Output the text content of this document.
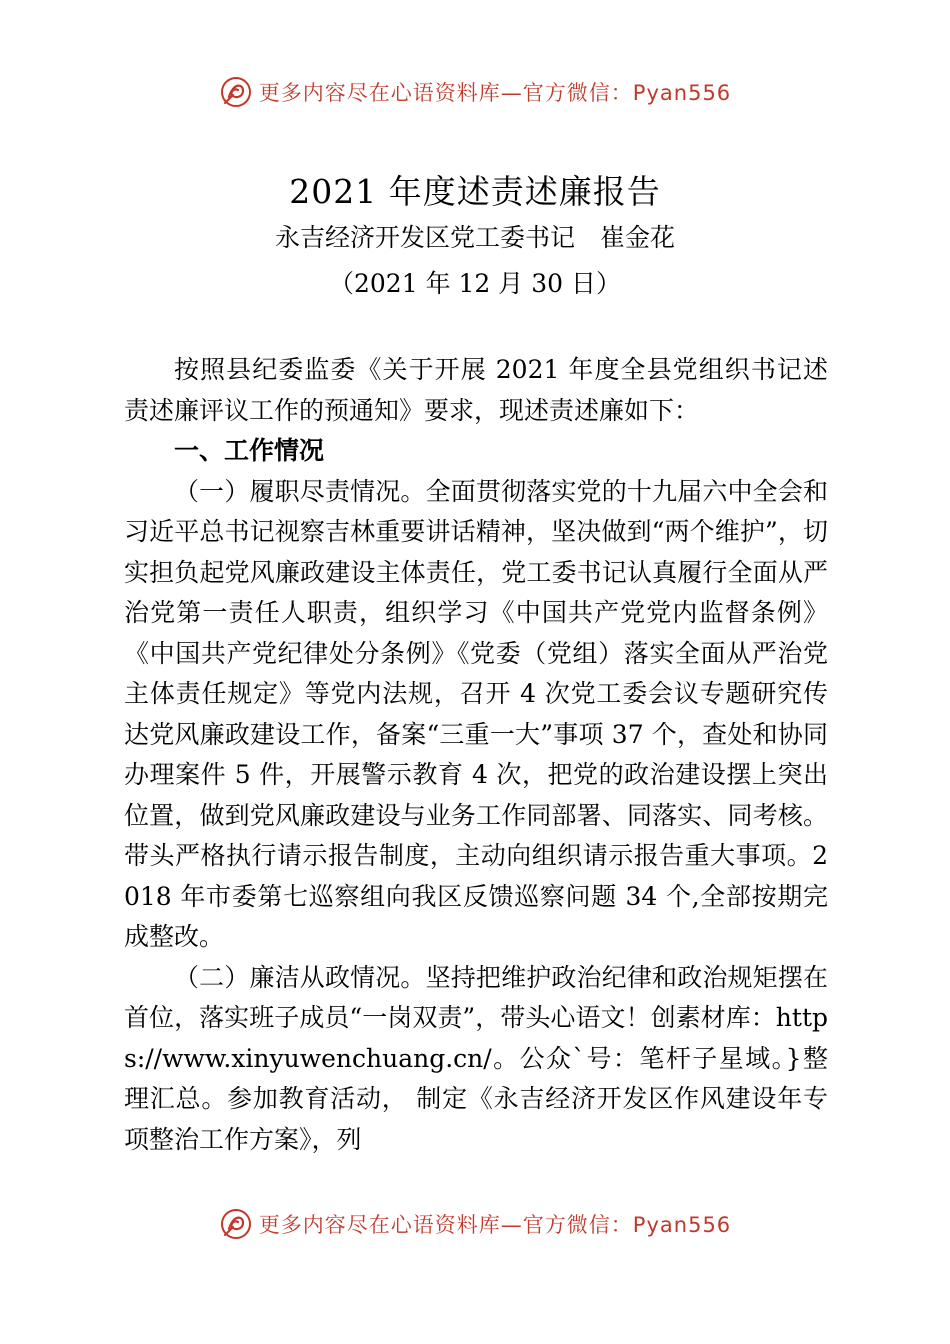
更多内容尽在心语资料库—官方微信：Pyan556
2021 年度述责述廉报告

永吉经济开发区党工委书记　崔金花

（2021 年 12 月 30 日）

按照县纪委监委《关于开展 2021 年度全县党组织书记述责述廉评议工作的预通知》要求，现述责述廉如下：

一、工作情况

（一）履职尽责情况。全面贯彻落实党的十九届六中全会和习近平总书记视察吉林重要讲话精神，坚决做到“两个维护”，切实担负起党风廉政建设主体责任，党工委书记认真履行全面从严治党第一责任人职责，组织学习《中国共产党党内监督条例》《中国共产党纪律处分条例》《党委（党组）落实全面从严治党主体责任规定》等党内法规，召开 4 次党工委会议专题研究传达党风廉政建设工作，备案“三重一大”事项 37 个，查处和协同办理案件 5 件，开展警示教育 4 次，把党的政治建设摆上突出位置，做到党风廉政建设与业务工作同部署、同落实、同考核。带头严格执行请示报告制度，主动向组织请示报告重大事项。2018 年市委第七巡察组向我区反馈巡察问题 34 个,全部按期完成整改。

（二）廉洁从政情况。坚持把维护政治纪律和政治规矩摆在首位，落实班子成员“一岗双责”，带头心语文！创素材库：https://www.xinyuwenchuang.cn/。公众`号：笔杆子星域。}整理汇总。参加教育活动， 制定《永吉经济开发区作风建设年专项整治工作方案》，列

更多内容尽在心语资料库—官方微信：Pyan556
